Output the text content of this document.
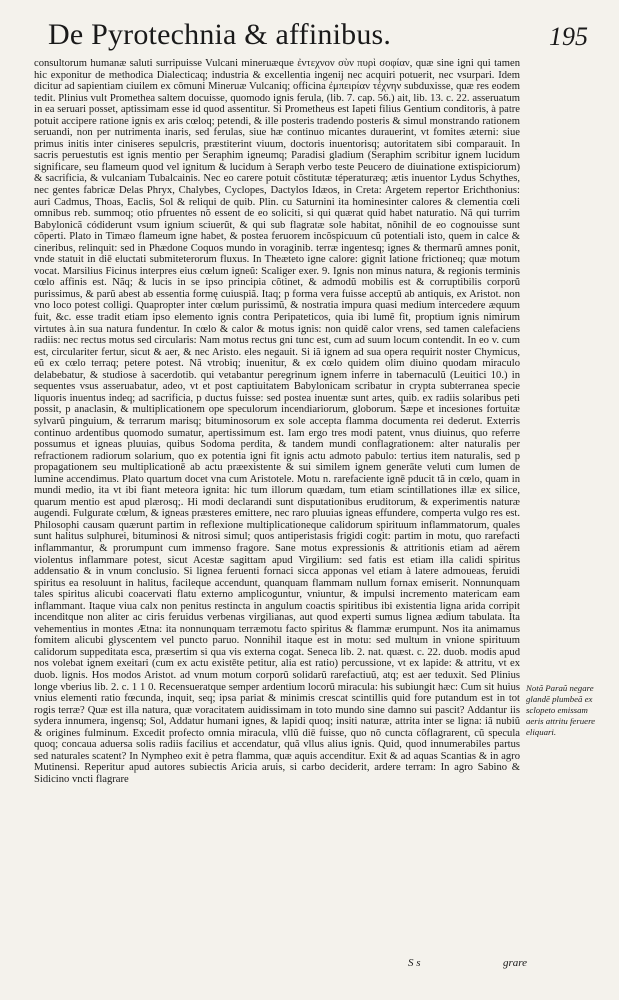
De Pyrotechnia & affinibus.	195

consultorum humanæ saluti surripuisse Vulcani mineruæque ἐντεχνον σὺν πυρὶ σοφίαν, quæ sine igni qui tamen hic exponitur de methodica Dialecticaq; industria & excellentia ingenij nec acquiri potuerit, nec vsurpari. Idem dicitur ad sapientiam ciuilem ex cõmuni Mineruæ Vulcaniq; officina ἐμπειρίαν τέχνην subduxisse, quæ res eodem tedit. Plinius vult Promethea saltem docuisse, quomodo ignis ferula, (lib. 7. cap. 56.) ait, lib. 13. c. 22. asseruatum in ea seruari posset, aptissimam esse id quod assentitur. Si Prometheus est Iapeti filius Gentium conditoris, à patre potuit accipere ratione ignis ex aris cœloq; petendi, & ille posteris tradendo posteris & simul monstrando rationem seruandi, non per nutrimenta inaris, sed ferulas, siue hæ continuo micantes durauerint, vt fomites æterni: siue primus initis inter ciniseres sepulcris, præstiterint viuum, doctoris inuentorisq; autoritatem sibi comparauit. In sacris peruestutis est ignis mentio per Seraphim igneumq; Paradisi gladium (Seraphim scribitur ignem lucidum significare, seu flameum quod vel ignitum & lucidum à Seraph verbo teste Peucero de diuinatione extispiciorum) & sacrificia, & vulcaniam Tubalcainis. Nec eo carere potuit cõstitutæ téperaturæq; ætis inuentor Lydus Schythes, nec gentes fabricæ Delas Phryx, Chalybes, Cyclopes, Dactylos Idæos, in Creta: Argetem repertor Erichthonius: auri Cadmus, Thoas, Eaclis, Sol & reliqui de quib. Plin. cu Saturnini ita hominesinter calores & clementia cœli omnibus reb. summoq; otio pfruentes nõ essent de eo soliciti, si qui quærat quid habet naturatio. Nã qui turrim Babylonicã códiderunt vsum ignium sciuerũt, & qui sub flagratæ sole habitat, nõnihil de eo cognouisse sunt cõperti. Plato in Timæo flameum igne habet, & postea feruorem incõspicuum cũ potentiali isto, quem in calce & cineribus, relinquit: sed in Phædone Coquos mundo in voraginib. terræ ingentesq; ignes & thermarũ amnes ponit, vnde statuit in diē eluctati submiteterorum fluxus. In Theæteto igne calore: gignit latione frictioneq; quæ motum vocat. Marsilius Ficinus interpres eius cœlum igneũ: Scaliger exer. 9. Ignis non minus natura, & regionis terminis cœlo affinis est. Nãq; & lucis in se ipso principia cõtinet, & admodũ mobilis est & corruptibilis corporũ purissimus, & parũ abest ab essentia formę cuiuspiã. Itaq; p forma vera fuisse acceptũ ab antiquis, ex Aristot. non vno loco potest colligi. Quapropter inter cœlum purissimũ, & nostratia impura quasi medium intercedere æquum fuit, &c. esse tradit etiam ipso elemento ignis contra Peripateticos, quia ibi lumẽ fit, proptium ignis nimirum virtutes à.in sua natura fundentur. In cœlo & calor & motus ignis: non quidē calor vrens, sed tamen calefaciens radiis: nec rectus motus sed circularis: Nam motus rectus gni tunc est, cum ad suum locum contendit. In eo v. cum est, circulariter fertur, sicut & aer, & nec Aristo. eles negauit. Si iã ignem ad sua opera requirit noster Chymicus, eũ ex cœlo terraq; petere potest. Nã vtrobiq; inuenitur, & ex cœlo quidem olim diuino quodam miraculo delabebatur, & studiose à sacerdotib. qui vetabantur peregrinum ignem inferre in tabernaculũ (Leuitici 10.) in sequentes vsus asseruabatur, adeo, vt et post captiuitatem Babylonicam scribatur in crypta subterranea specie liquoris inuentus indeq; ad sacrificia, p ductus fuisse: sed postea inuentæ sunt artes, quib. ex radiis solaribus peti possit, p anaclasin, & multiplicationem ope speculorum incendiariorum, globorum. Sæpe et incesiones fortuitæ sylvarũ pinguium, & terrarum marisq; bituminosorum ex sole accepta flamma documenta rei dederut. Exterris continuo ardentibus quomodo sumatur, apertissimum est. Iam ergo tres modi patent, vnus diuinus, quo referre possumus et igneas pluuias, quibus Sodoma perdita, & tandem mundi conflagrationem: alter naturalis per refractionem radiorum solarium, quo ex potentia igni fit ignis actu admoto pabulo: tertius item naturalis, sed p propagationem seu multiplicationē ab actu præexistente & sui similem ignem generāte veluti cum lumen de lumine accendimus. Plato quartum docet vna cum Aristotele. Motu n. rarefaciente ignē pducit tã in cœlo, quam in mundi medio, ita vt ibi fiant meteora ignita: hic tum illorum quædam, tum etiam scintillationes illæ ex silice, quarum mentio est apud plærosq;. Hi modi declarandi sunt disputationibus eruditorum, & experimentis naturæ augendi. Fulgurate cœlum, & igneas præsteres emittere, nec raro pluuias igneas effundere, comperta vulgo res est. Philosophi causam quærunt partim in reflexione multiplicationeque calidorum spirituum inflammatorum, quales sunt halitus sulphurei, bituminosi & nitrosi simul; quos antiperistasis frigidi cogit: partim in motu, quo rarefacti inflammantur, & prorumpunt cum immenso fragore. Sane motus expressionis & attritionis etiam ad aërem violentus inflammare potest, sicut Acestæ sagittam apud Virgilium: sed fatis est etiam illa calidi spiritus addensatio & in vnum conclusio. Si lignea feruenti fornaci sicca apponas vel etiam à latere admoueas, feruidi spiritus ea resoluunt in halitus, facileque accendunt, quanquam flammam nullum fornax emiserit. Nonnunquam tales spiritus alicubi coacervati flatu externo amplicoguntur, vniuntur, & impulsi incremento matericam eam inflammant. Itaque viua calx non penitus restincta in angulum coactis spiritibus ibi existentia ligna arida corripit incenditque non aliter ac ciris feruidus verbenas virgilianas, aut quod experti sumus lignea ædium tabulata. Ita vehementius in montes Ætna: ita nonnunquam terræmotu facto spiritus & flammæ erumpunt. Nos ita animamus fomitem alicubi glyscentem vel puncto paruo. Nonnihil itaque est in motu: sed multum in vnione spirituum calidorum suppeditata esca, præsertim si qua vis externa cogat. Seneca lib. 2. nat. quæst. c. 22. duob. modis apud nos volebat ignem exeitari (cum ex actu existēte petitur, alia est ratio) percussione, vt ex lapide: & attritu, vt ex duob. lignis. Hos modos Aristot. ad vnum motum corporũ solidarũ rarefactiuũ, atq; est aer teduxit. Sed Plinius longe vberius lib. 2. c. 1 1 0. Recensueratque semper ardentium locorũ miracula: his subiungit hæc: Cum sit huius vnius elementi ratio fœcunda, inquit, seq; ipsa pariat & minimis crescat scintillis quid fore putandum est in tot rogis terræ? Quæ est illa natura, quæ voracitatem auidissimam in toto mundo sine damno sui pascit? Addantur iis sydera innumera, ingensq; Sol, Addatur humani ignes, & lapidi quoq; insiti naturæ, attrita inter se ligna: iã nubiũ & origines fulminum. Excedit profecto omnia miracula, vllũ diē fuisse, quo nõ cuncta cõflagrarent, cũ specula quoq; concaua aduersa solis radiis facilius et accendatur, quã vllus alius ignis. Quid, quod innumerabiles partus sed naturales scatent? In Nympheo exit è petra flamma, quæ aquis accenditur. Exit & ad aquas Scantias & in agro Mutinensi. Reperitur apud autores subiectis Aricia aruis, si carbo deciderit, ardere terram: In agro Sabino & Sidicino vncti flagrare

Notã Paraũ negare glandē plumbeã ex sclopeto emissam aeris attritu feruere eliquari.

S s	grare
